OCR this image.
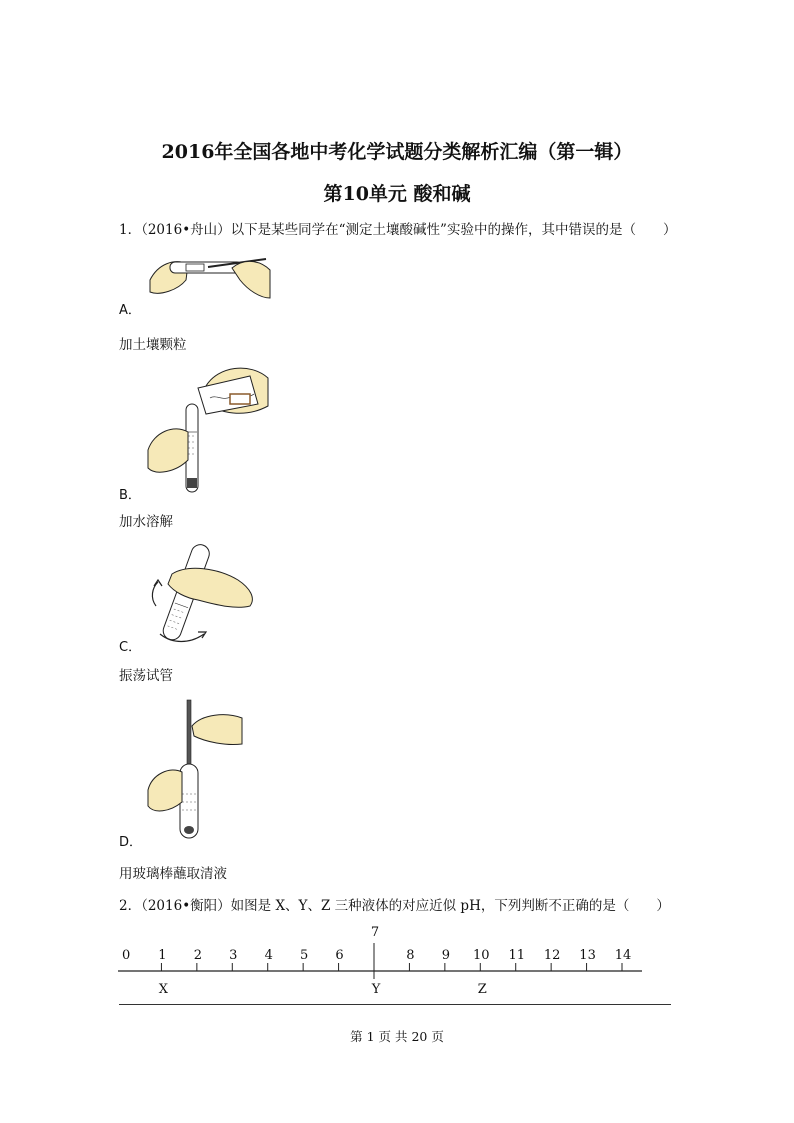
2016年全国各地中考化学试题分类解析汇编（第一辑）
第10单元 酸和碱
1．（2016•舟山）以下是某些同学在“测定土壤酸碱性”实验中的操作，其中错误的是（　　）
A．
加土壤颗粒
B．
加水溶解
C．
振荡试管
D．
用玻璃棒蘸取清液
2．（2016•衡阳）如图是 X、Y、Z 三种液体的对应近似 pH，下列判断不正确的是（　　）
0 1 2 3 4 5 6
7
8 9 10 11 12 13 14
X	Y	Z
第 1 页 共 20 页
